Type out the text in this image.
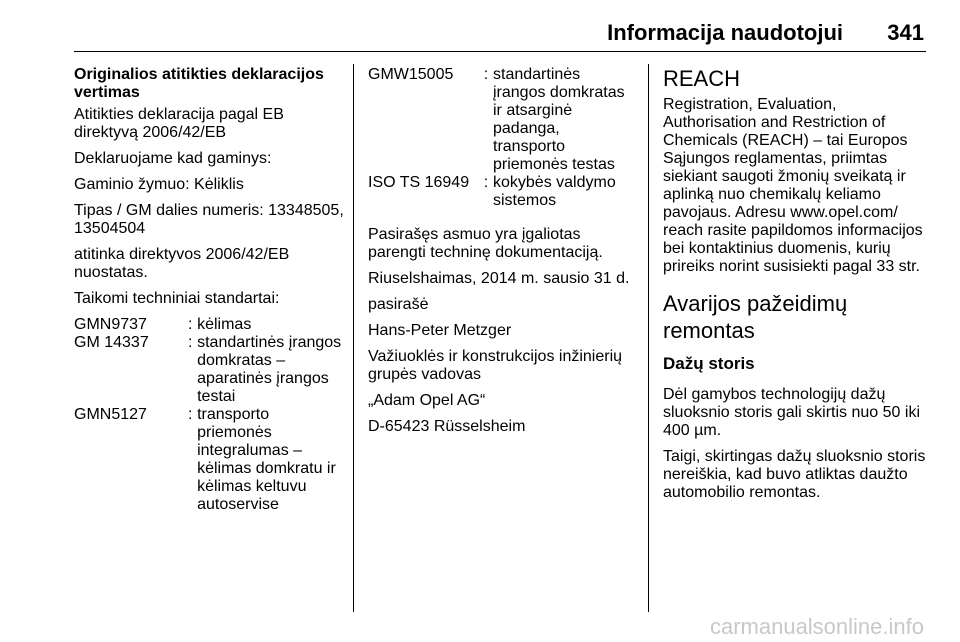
Informacija naudotojui	341
Originalios atitikties deklaracijos vertimas

Atitikties deklaracija pagal EB direktyvą 2006/42/EB

Deklaruojame kad gaminys:

Gaminio žymuo: Kėliklis

Tipas / GM dalies numeris: 13348505, 13504504

atitinka direktyvos 2006/42/EB nuostatas.

Taikomi techniniai standartai:

GMN9737	:	kėlimas
GM 14337	:	standartinės įrangos domkratas – aparatinės įrangos testai
GMN5127	:	transporto priemonės integralumas – kėlimas domkratu ir kėlimas keltuvu autoservise
GMW15005	:	standartinės įrangos domkratas ir atsarginė padanga, transporto priemonės testas
ISO TS 16949	:	kokybės valdymo sistemos

Pasirašęs asmuo yra įgaliotas parengti techninę dokumentaciją.

Riuselshaimas, 2014 m. sausio 31 d.

pasirašė

Hans-Peter Metzger

Važiuoklės ir konstrukcijos inžinierių grupės vadovas

„Adam Opel AG“

D-65423 Rüsselsheim

REACH

Registration, Evaluation, Authorisation and Restriction of Chemicals (REACH) – tai Europos Sąjungos reglamentas, priimtas siekiant saugoti žmonių sveikatą ir aplinką nuo chemikalų keliamo pavojaus. Adresu www.opel.com/ reach rasite papildomos informacijos bei kontaktinius duomenis, kurių prireiks norint susisiekti pagal 33 str.

Avarijos pažeidimų remontas
Dažų storis

Dėl gamybos technologijų dažų sluoksnio storis gali skirtis nuo 50 iki 400 µm.

Taigi, skirtingas dažų sluoksnio storis nereiškia, kad buvo atliktas daužto automobilio remontas.

carmanualsonline.info
